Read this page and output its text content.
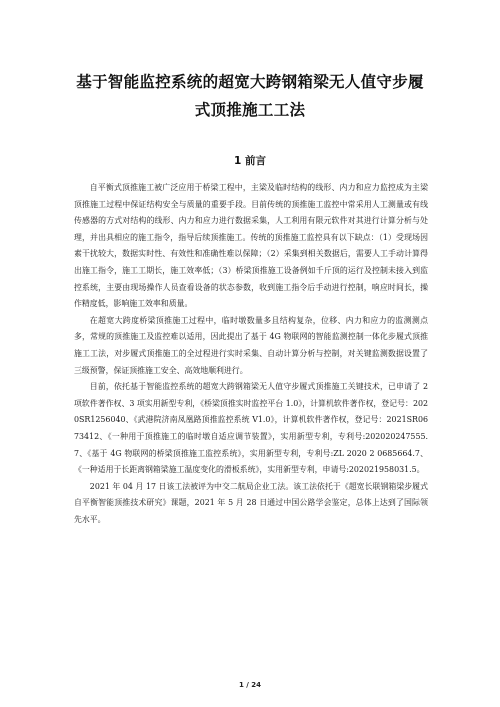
基于智能监控系统的超宽大跨钢箱梁无人值守步履
式顶推施工工法
1 前言

自平衡式顶推施工被广泛应用于桥梁工程中，主梁及临时结构的线形、内力和应力监控成为主梁顶推施工过程中保证结构安全与质量的重要手段。目前传统的顶推施工监控中常采用人工测量或有线传感器的方式对结构的线形、内力和应力进行数据采集，人工利用有限元软件对其进行计算分析与处理，并出具相应的施工指令，指导后续顶推施工。传统的顶推施工监控具有以下缺点：（1）受现场因素干扰较大，数据实时性、有效性和准确性难以保障；（2）采集到相关数据后，需要人工手动计算得出施工指令，施工工期长，施工效率低；（3）桥梁顶推施工设备例如千斤顶的运行及控制未接入到监控系统，主要由现场操作人员查看设备的状态参数，收到施工指令后手动进行控制，响应时间长，操作精度低，影响施工效率和质量。

在超宽大跨度桥梁顶推施工过程中，临时墩数量多且结构复杂，位移、内力和应力的监测测点多，常规的顶推施工及监控难以适用，因此提出了基于 4G 物联网的智能监测控制一体化步履式顶推施工工法，对步履式顶推施工的全过程进行实时采集、自动计算分析与控制，对关键监测数据设置了三级预警，保证顶推施工安全、高效地顺利进行。

目前，依托基于智能监控系统的超宽大跨钢箱梁无人值守步履式顶推施工关键技术，已申请了 2 项软件著作权、3 项实用新型专利，《桥梁顶推实时监控平台 1.0》，计算机软件著作权，登记号：2020SR1256040、《武港院济南凤凰路顶推监控系统 V1.0》，计算机软件著作权，登记号：2021SR0673412、《一种用于顶推施工的临时墩自适应调节装置》，实用新型专利，专利号:202020247555.7、《基于 4G 物联网的桥梁顶推施工监控系统》，实用新型专利，专利号:ZL 2020 2 0685664.7、《一种适用于长距离钢箱梁施工温度变化的滑板系统》，实用新型专利，申请号:202021958031.5。

2021 年 04 月 17 日该工法被评为中交二航局企业工法。该工法依托于《超宽长联钢箱梁步履式自平衡智能顶推技术研究》课题，2021 年 5 月 28 日通过中国公路学会鉴定，总体上达到了国际领先水平。

1 / 24
